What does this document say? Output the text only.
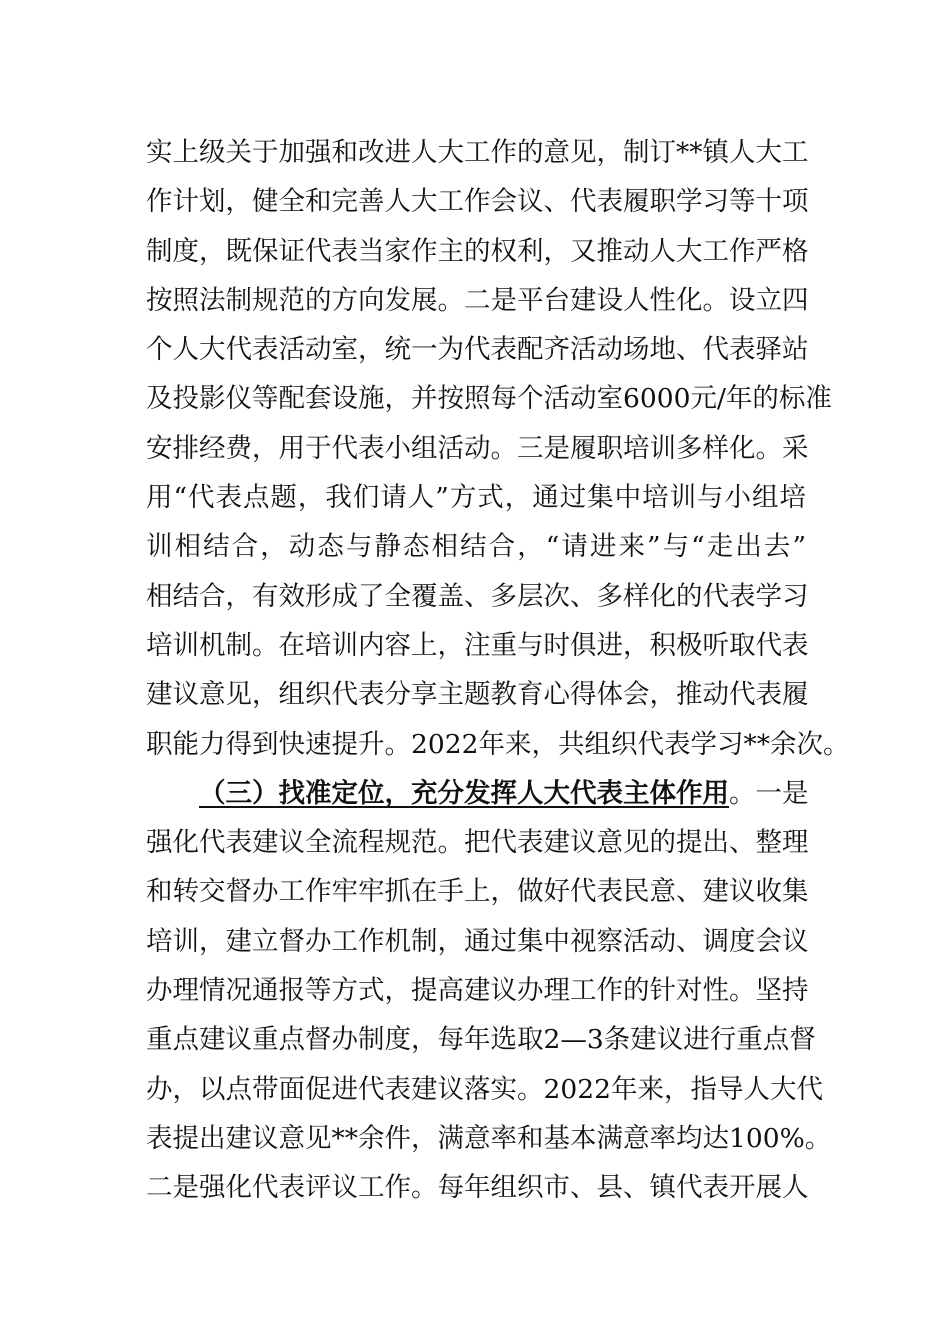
实上级关于加强和改进人大工作的意见，制订**镇人大工
作计划，健全和完善人大工作会议、代表履职学习等十项
制度，既保证代表当家作主的权利，又推动人大工作严格
按照法制规范的方向发展。二是平台建设人性化。设立四
个人大代表活动室，统一为代表配齐活动场地、代表驿站
及投影仪等配套设施，并按照每个活动室6000元/年的标准
安排经费，用于代表小组活动。三是履职培训多样化。采
用“代表点题，我们请人”方式，通过集中培训与小组培
训相结合，动态与静态相结合，“请进来”与“走出去”
相结合，有效形成了全覆盖、多层次、多样化的代表学习
培训机制。在培训内容上，注重与时俱进，积极听取代表
建议意见，组织代表分享主题教育心得体会，推动代表履
职能力得到快速提升。2022年来，共组织代表学习**余次。
（三）找准定位，充分发挥人大代表主体作用。一是
强化代表建议全流程规范。把代表建议意见的提出、整理
和转交督办工作牢牢抓在手上，做好代表民意、建议收集
培训，建立督办工作机制，通过集中视察活动、调度会议
办理情况通报等方式，提高建议办理工作的针对性。坚持
重点建议重点督办制度，每年选取2—3条建议进行重点督
办，以点带面促进代表建议落实。2022年来，指导人大代
表提出建议意见**余件，满意率和基本满意率均达100%。
二是强化代表评议工作。每年组织市、县、镇代表开展人
